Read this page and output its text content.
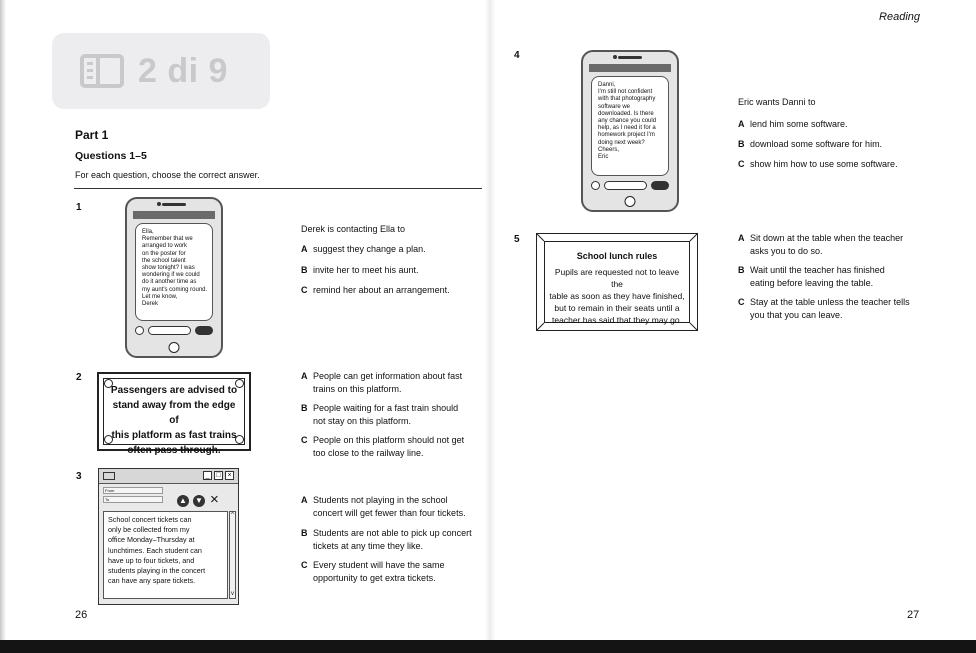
Reading
Part 1
Questions 1–5
For each question, choose the correct answer.
1
Ella,
Remember that we
arranged to work
on the poster for
the school talent
show tonight? I was
wondering if we could
do it another time as
my aunt's coming round.
Let me know,
Derek
Derek is contacting Ella to
A suggest they change a plan.
B invite her to meet his aunt.
C remind her about an arrangement.
2
Passengers are advised to
stand away from the edge of
this platform as fast trains
often pass through.
A People can get information about fast
trains on this platform.
B People waiting for a fast train should
not stay on this platform.
C People on this platform should not get
too close to the railway line.
3	_ □ ×
From
To	▲ ▼ ×
School concert tickets can
only be collected from my
office Monday–Thursday at
lunchtimes. Each student can
have up to four tickets, and
students playing in the concert
can have any spare tickets.
^
v
A Students not playing in the school
concert will get fewer than four tickets.
B Students are not able to pick up concert
tickets at any time they like.
C Every student will have the same
opportunity to get extra tickets.
26
4
Danni,
I'm still not confident
with that photography
software we
downloaded. Is there
any chance you could
help, as I need it for a
homework project I'm
doing next week?
Cheers,
Eric
Eric wants Danni to
A lend him some software.
B download some software for him.
C show him how to use some software.
5
School lunch rules
Pupils are requested not to leave the
table as soon as they have finished,
but to remain in their seats until a
teacher has said that they may go.
A Sit down at the table when the teacher
asks you to do so.
B Wait until the teacher has finished
eating before leaving the table.
C Stay at the table unless the teacher tells
you that you can leave.
27
2 di 9
